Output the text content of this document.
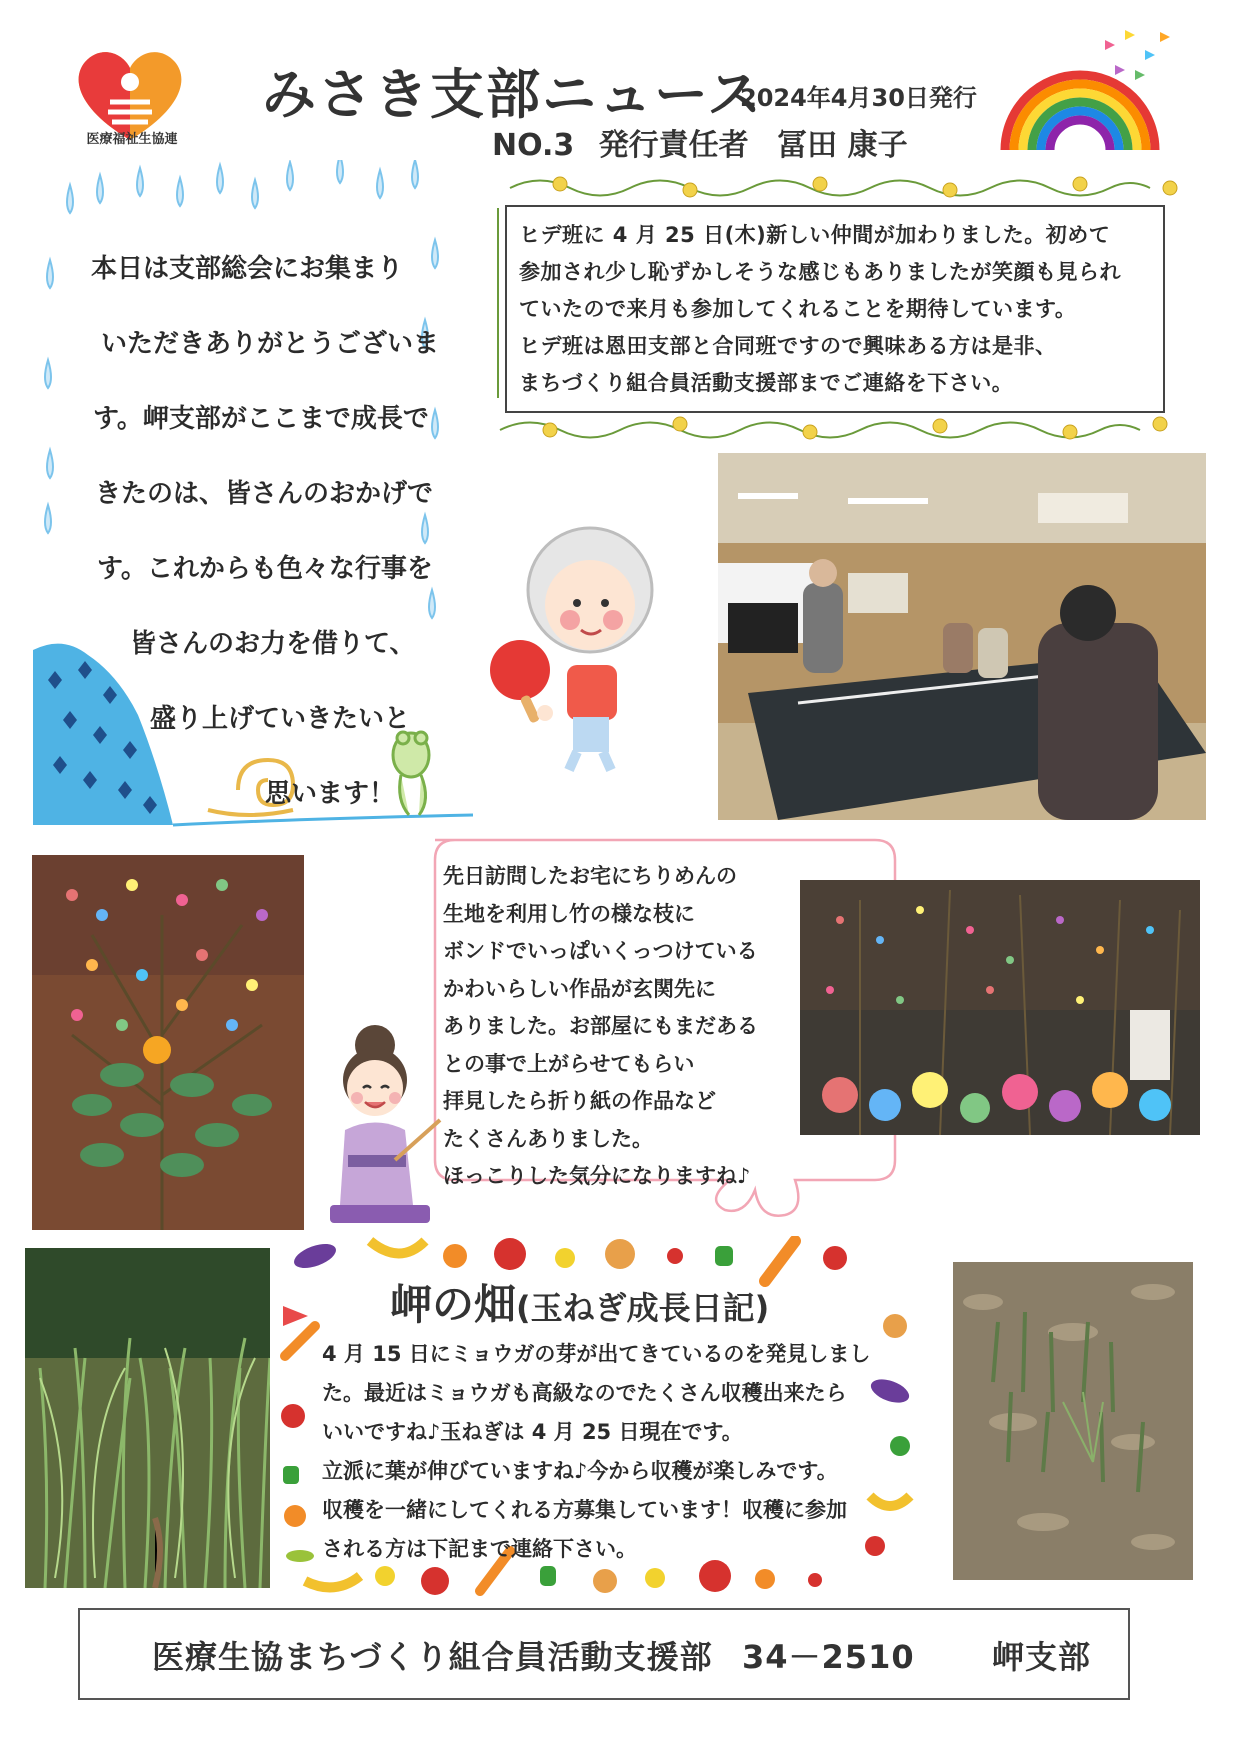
医療福祉生協連
みさき支部ニュース
2024年4月30日発行
NO.3 発行責任者 冨田 康子
本日は支部総会にお集まり
いただきありがとうございま
す。岬支部がここまで成長で
きたのは、皆さんのおかげで
す。これからも色々な行事を
皆さんのお力を借りて、
盛り上げていきたいと
思います！

ヒデ班に 4 月 25 日(木)新しい仲間が加わりました。初めて

参加され少し恥ずかしそうな感じもありましたが笑顔も見られ

ていたので来月も参加してくれることを期待しています。

ヒデ班は恩田支部と合同班ですので興味ある方は是非、

まちづくり組合員活動支援部までご連絡を下さい。

先日訪問したお宅にちりめんの
生地を利用し竹の様な枝に
ボンドでいっぱいくっつけている
かわいらしい作品が玄関先に
ありました。お部屋にもまだある
との事で上がらせてもらい
拝見したら折り紙の作品など
たくさんありました。
ほっこりした気分になりますね♪
岬の畑(玉ねぎ成長日記)
4 月 15 日にミョウガの芽が出てきているのを発見しまし
た。最近はミョウガも高級なのでたくさん収穫出来たら
いいですね♪玉ねぎは 4 月 25 日現在です。
立派に葉が伸びていますね♪今から収穫が楽しみです。
収穫を一緒にしてくれる方募集しています！収穫に参加
される方は下記まで連絡下さい。
医療生協まちづくり組合員活動支援部 34－2510 岬支部
